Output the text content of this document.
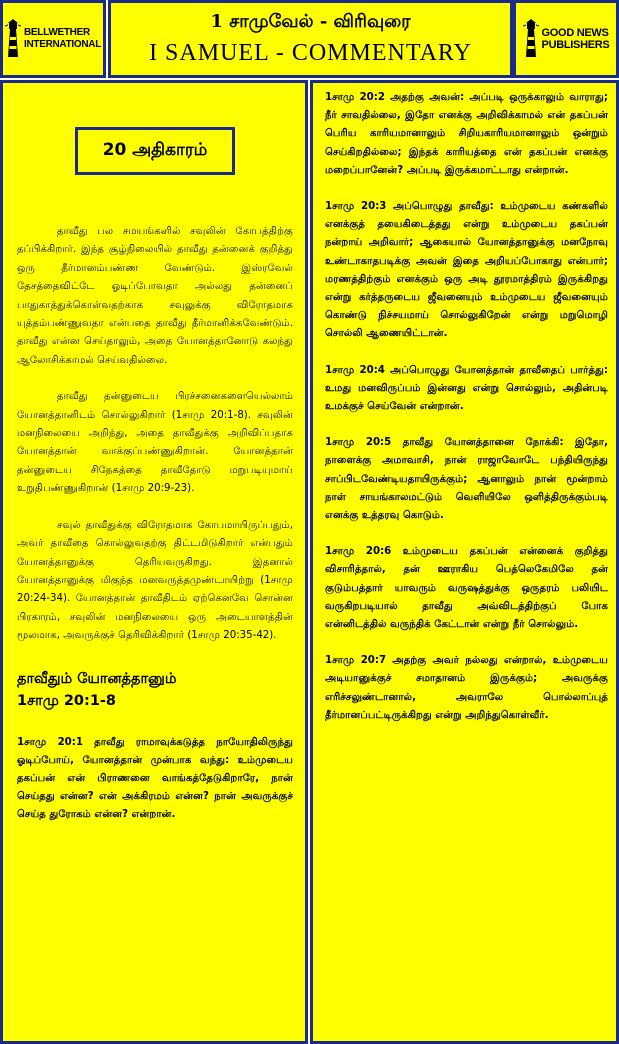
BELLWETHER
INTERNATIONAL
1 சாமுவேல் - விரிவுரை
I SAMUEL - COMMENTARY
GOOD NEWS
PUBLISHERS
20 அதிகாரம்

தாவீது பல சமயங்களில் சவுலின் கோபத்திற்கு தப்பிக்கிறார். இந்த சூழ்நிலையில் தாவீது தன்னைக் குறித்து ஒரு தீர்மானம்பண்ண வேண்டும். இஸ்ரவேல் தேசத்தைவிட்டே ஓடிப்போவதா அல்லது தன்னைப் பாதுகாத்துக்கொள்வதற்காக சவுலுக்கு விரோதமாக யுத்தம்பண்ணுவதா என்பதை தாவீது தீர்மானிக்கவேண்டும். தாவீது என்ன செய்தாலும், அதை யோனத்தானோடு கலந்து ஆலோசிக்காமல் செய்வதில்லை.

தாவீது தன்னுடைய பிரச்சனைகளையெல்லாம் யோனத்தானிடம் சொல்லுகிறார் (1சாமு 20:1-8). சவுலின் மனநிலையை அறிந்து, அதை தாவீதுக்கு அறிவிப்பதாக யோனத்தான் வாக்குப்பண்ணுகிறான். யோனத்தான் தன்னுடைய சிநேகத்தை தாவீதோடு மறுபடியுமாய் உறுதிபண்ணுகிறான் (1சாமு 20:9-23).

சவுல் தாவீதுக்கு விரோதமாக கோபமாயிருப்பதும், அவர் தாவீதை கொல்லுவதற்கு திட்டமிடுகிறார் என்பதும் யோனத்தானுக்கு தெரியவருகிறது. இதனால் யோனத்தானுக்கு மிகுந்த மனவருத்தமுண்டாயிற்று (1சாமு 20:24-34). யோனத்தான் தாவீதிடம் ஏற்கெனவே சொன்ன பிரகாரம், சவுலின் மனநிலையை ஒரு அடையாளத்தின் மூலமாக, அவருக்குச் தெரிவிக்கிறார் (1சாமு 20:35-42).

தாவீதும் யோனத்தானும்
1சாமு 20:1-8

1சாமு 20:1 தாவீது ராமாவுக்கடுத்த நாயோதிலிருந்து ஓடிப்போய், யோனத்தான் முன்பாக வந்து: உம்முடைய தகப்பன் என் பிராணனை வாங்கத்தேடுகிறாரே, நான் செய்தது என்ன? என் அக்கிரமம் என்ன? நான் அவருக்குச் செய்த துரோகம் என்ன? என்றான்.

1சாமு 20:2 அதற்கு அவன்: அப்படி ஒருக்காலும் வாராது; நீர் சாவதில்லை, இதோ எனக்கு அறிவிக்காமல் என் தகப்பன் பெரிய காரியமானாலும் சிறியகாரியமானாலும் ஒன்றும் செய்கிறதில்லை; இந்தக் காரியத்தை என் தகப்பன் எனக்கு மறைப்பானேன்? அப்படி இருக்கமாட்டாது என்றான்.

1சாமு 20:3 அப்பொழுது தாவீது: உம்முடைய கண்களில் எனக்குத் தயைகிடைத்தது என்று உம்முடைய தகப்பன் நன்றாய் அறிவார்; ஆகையால் யோனத்தானுக்கு மனநோவு உண்டாகாதபடிக்கு அவன் இதை அறியப்போகாது என்பார்; மரணத்திற்கும் எனக்கும் ஒரு அடி தூரமாத்திரம் இருக்கிறது என்று கர்த்தருடைய ஜீவனையும் உம்முடைய ஜீவனையும் கொண்டு நிச்சயமாய் சொல்லுகிறேன் என்று மறுமொழி சொல்லி ஆணையிட்டான்.

1சாமு 20:4 அப்பொழுது யோனத்தான் தாவீதைப் பார்த்து: உமது மனவிருப்பம் இன்னது என்று சொல்லும், அதின்படி உமக்குச் செய்வேன் என்றான்.

1சாமு 20:5 தாவீது யோனத்தானை நோக்கி: இதோ, நாளைக்கு அமாவாசி, நான் ராஜாவோடே பந்தியிருந்து சாப்பிடவேண்டியதாயிருக்கும்; ஆனாலும் நான் மூன்றாம் நாள் சாயங்காலமட்டும் வெளியிலே ஒளித்திருக்கும்படி எனக்கு உத்தரவு கொடும்.

1சாமு 20:6 உம்முடைய தகப்பன் என்னைக் குறித்து விசாரித்தால், தன் ஊராகிய பெத்லெகேமிலே தன் குடும்பத்தார் யாவரும் வருஷத்துக்கு ஒருதரம் பலியிட வருகிறபடியால் தாவீது அவ்விடத்திற்குப் போக என்னிடத்தில் வருந்திக் கேட்டான் என்று நீர் சொல்லும்.

1சாமு 20:7 அதற்கு அவர் நல்லது என்றால், உம்முடைய அடியானுக்குச் சமாதானம் இருக்கும்; அவருக்கு எரிச்சலுண்டானால், அவராலே பொல்லாப்புத் தீர்மானப்பட்டிருக்கிறது என்று அறிந்துகொள்வீர்.
